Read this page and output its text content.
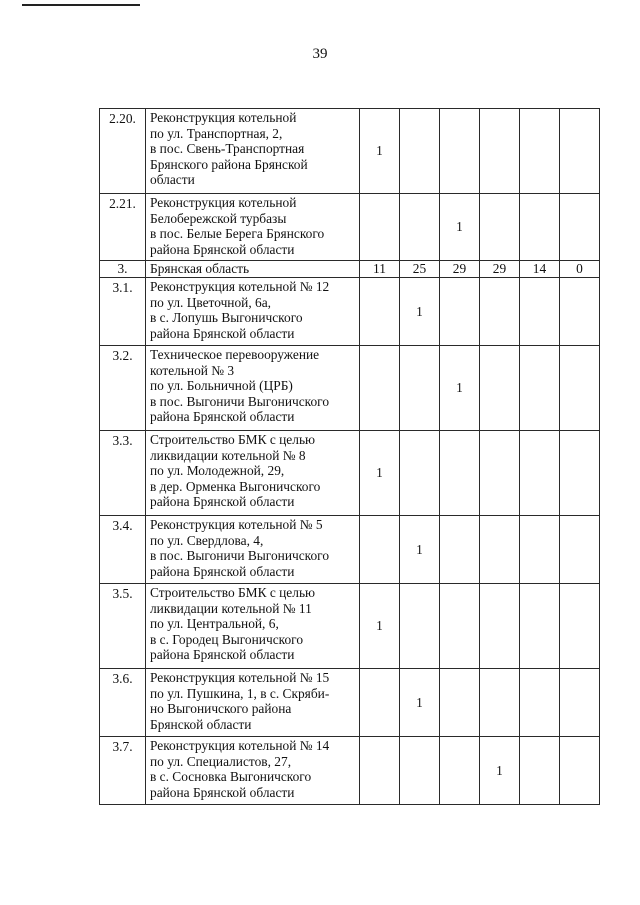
39
2.20.	Реконструкция котельной
по ул. Транспортная, 2,
в пос. Свень-Транспортная
Брянского района Брянской
области	1					
2.21.	Реконструкция котельной
Белобережской турбазы
в пос. Белые Берега Брянского
района Брянской области			1			
3.	Брянская область	11	25	29	29	14	0
3.1.	Реконструкция котельной № 12
по ул. Цветочной, 6а,
в с. Лопушь Выгоничского
района Брянской области		1				
3.2.	Техническое перевооружение
котельной № 3
по ул. Больничной (ЦРБ)
в пос. Выгоничи Выгоничского
района Брянской области			1			
3.3.	Строительство БМК с целью
ликвидации котельной № 8
по ул. Молодежной, 29,
в дер. Орменка Выгоничского
района Брянской области	1					
3.4.	Реконструкция котельной № 5
по ул. Свердлова, 4,
в пос. Выгоничи Выгоничского
района Брянской области		1				
3.5.	Строительство БМК с целью
ликвидации котельной № 11
по ул. Центральной, 6,
в с. Городец Выгоничского
района Брянской области	1					
3.6.	Реконструкция котельной № 15
по ул. Пушкина, 1, в с. Скряби-
но Выгоничского района
Брянской области		1				
3.7.	Реконструкция котельной № 14
по ул. Специалистов, 27,
в с. Сосновка Выгоничского
района Брянской области				1		
